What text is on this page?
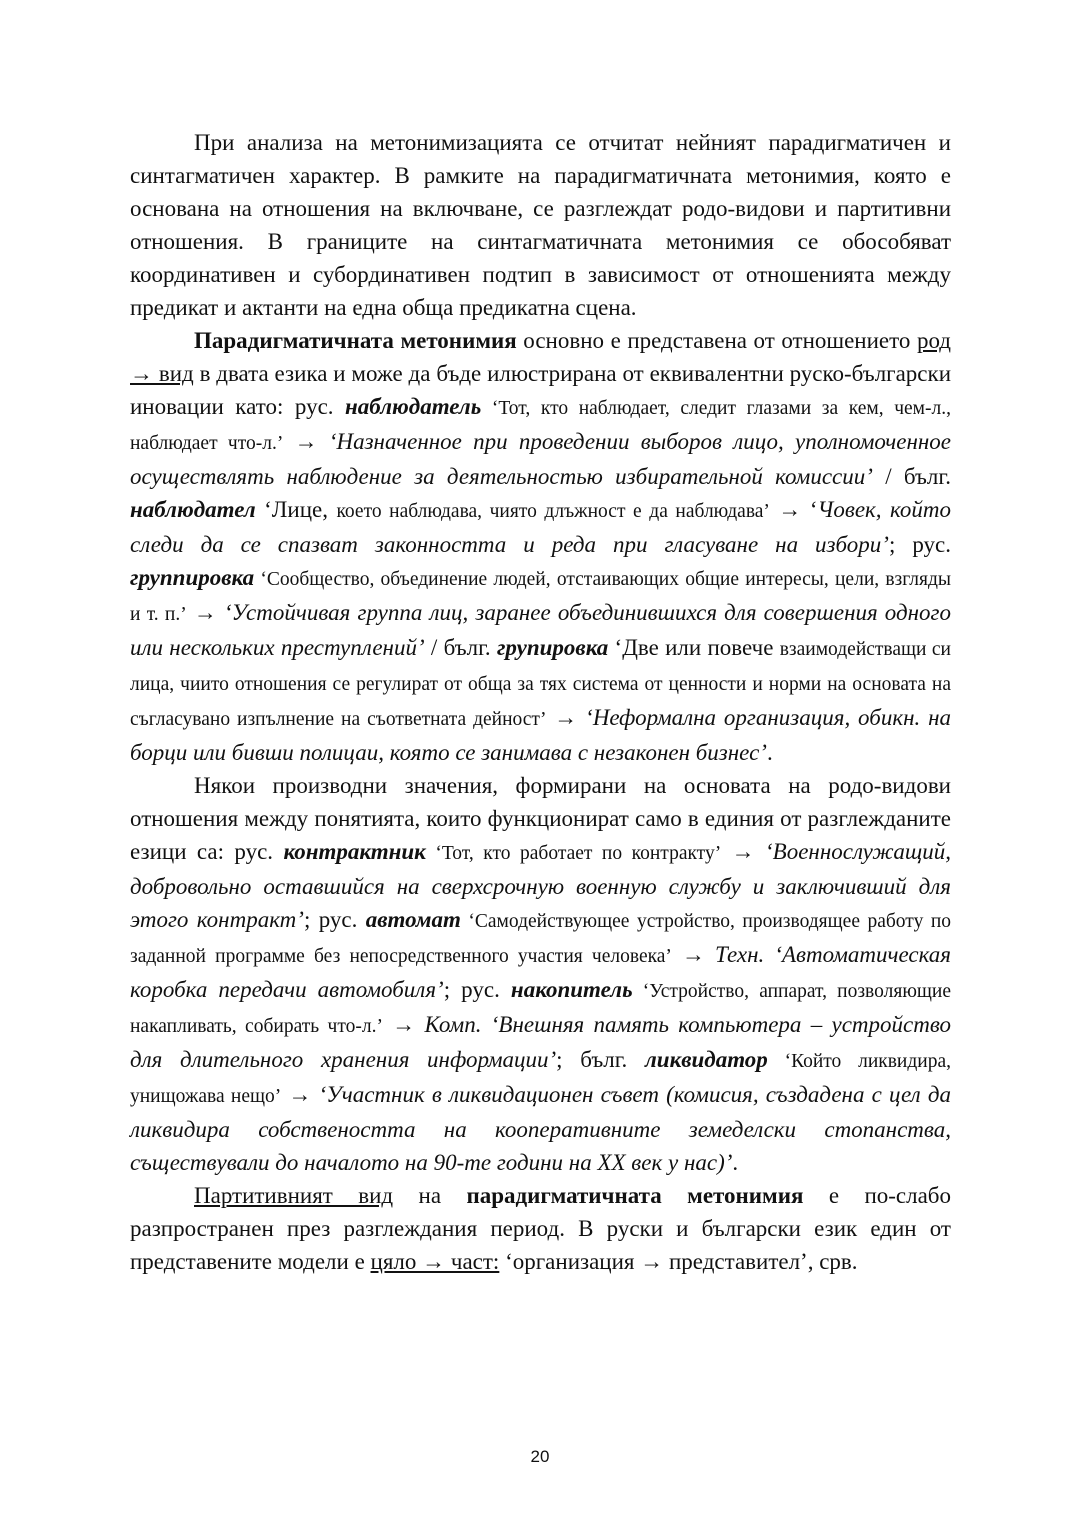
При анализа на метонимизацията се отчитат нейният парадигматичен и синтагматичен характер. В рамките на парадигматичната метонимия, която е основана на отношения на включване, се разглеждат родо-видови и партитивни отношения. В границите на синтагматичната метонимия се обособяват координативен и субординативен подтип в зависимост от отношенията между предикат и актанти на една обща предикатна сцена.

Парадигматичната метонимия основно е представена от отношението род → вид в двата езика и може да бъде илюстрирана от еквивалентни руско-български иновации като: рус. наблюдатель ‘Тот, кто наблюдает, следит глазами за кем, чем-л., наблюдает что-л.’ → ‘Назначенное при проведении выборов лицо, уполномоченное осуществлять наблюдение за деятельностью избирательной комиссии’ / бълг. наблюдател ‘Лице, което наблюдава, чиято длъжност е да наблюдава’ → ‘Човек, който следи да се спазват законността и реда при гласуване на избори’; рус. группировка ‘Сообщество, объединение людей, отстаивающих общие интересы, цели, взгляды и т. п.’ → ‘Устойчивая группа лиц, заранее объединившихся для совершения одного или нескольких преступлений’ / бълг. групировка ‘Две или повече взаимодействащи си лица, чиито отношения се регулират от обща за тях система от ценности и норми на основата на съгласувано изпълнение на съответната дейност’ → ‘Неформална организация, обикн. на борци или бивши полицаи, която се занимава с незаконен бизнес’.

Някои производни значения, формирани на основата на родо-видови отношения между понятията, които функционират само в единия от разглежданите езици са: рус. контрактник ‘Тот, кто работает по контракту’ → ‘Военнослужащий, добровольно оставшийся на сверхсрочную военную службу и заключивший для этого контракт’; рус. автомат ‘Самодействующее устройство, производящее работу по заданной программе без непосредственного участия человека’ → Техн. ‘Автоматическая коробка передачи автомобиля’; рус. накопитель ‘Устройство, аппарат, позволяющие накапливать, собирать что-л.’ → Комп. ‘Внешняя память компьютера – устройство для длительного хранения информации’; бълг. ликвидатор ‘Който ликвидира, унищожава нещо’ → ‘Участник в ликвидационен съвет (комисия, създадена с цел да ликвидира собствеността на кооперативните земеделски стопанства, съществували до началото на 90-те години на ХХ век у нас)’.

Партитивният вид на парадигматичната метонимия е по-слабо разпространен през разглеждания период. В руски и български език един от представените модели е цяло → част: ‘организация → представител’, срв.

20
